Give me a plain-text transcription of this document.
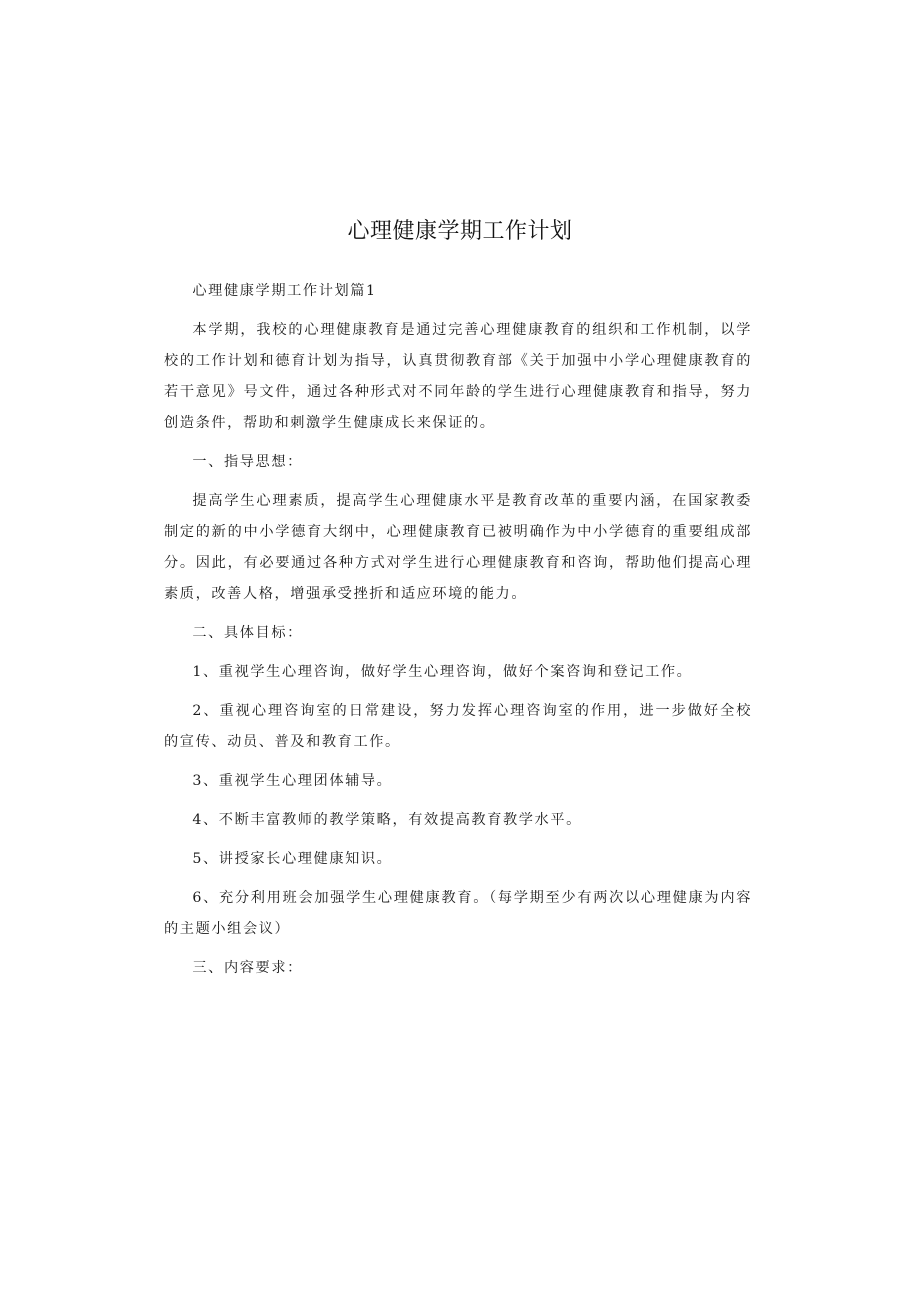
心理健康学期工作计划

心理健康学期工作计划篇1

本学期，我校的心理健康教育是通过完善心理健康教育的组织和工作机制，以学校的工作计划和德育计划为指导，认真贯彻教育部《关于加强中小学心理健康教育的若干意见》号文件，通过各种形式对不同年龄的学生进行心理健康教育和指导，努力创造条件，帮助和刺激学生健康成长来保证的。

一、指导思想：

提高学生心理素质，提高学生心理健康水平是教育改革的重要内涵，在国家教委制定的新的中小学德育大纲中，心理健康教育已被明确作为中小学德育的重要组成部分。因此，有必要通过各种方式对学生进行心理健康教育和咨询，帮助他们提高心理素质，改善人格，增强承受挫折和适应环境的能力。

二、具体目标：

1、重视学生心理咨询，做好学生心理咨询，做好个案咨询和登记工作。

2、重视心理咨询室的日常建设，努力发挥心理咨询室的作用，进一步做好全校的宣传、动员、普及和教育工作。

3、重视学生心理团体辅导。

4、不断丰富教师的教学策略，有效提高教育教学水平。

5、讲授家长心理健康知识。

6、充分利用班会加强学生心理健康教育。（每学期至少有两次以心理健康为内容的主题小组会议）

三、内容要求：
